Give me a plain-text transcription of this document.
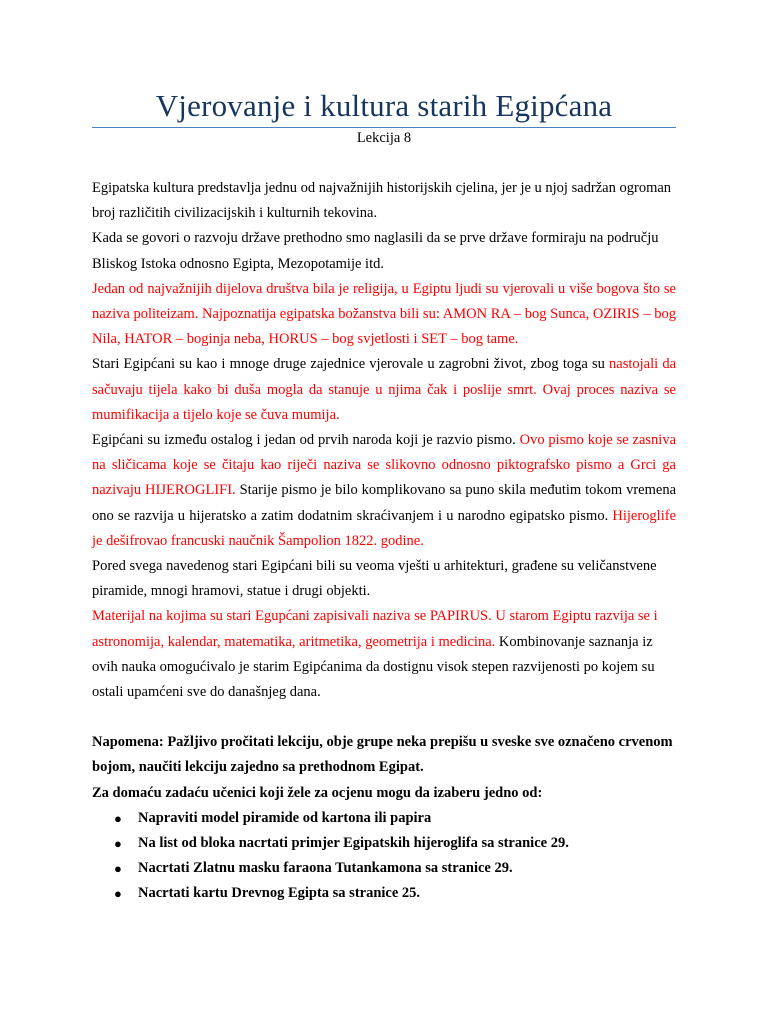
Vjerovanje i kultura starih Egipćana
Lekcija 8

Egipatska kultura predstavlja jednu od najvažnijih historijskih cjelina, jer je u njoj sadržan ogroman broj različitih civilizacijskih i kulturnih tekovina.

Kada se govori o razvoju države prethodno smo naglasili da se prve države formiraju na području Bliskog Istoka odnosno Egipta, Mezopotamije itd.

Jedan od najvažnijih dijelova društva bila je religija, u Egiptu ljudi su vjerovali u više bogova što se naziva politeizam. Najpoznatija egipatska božanstva bili su: AMON RA – bog Sunca, OZIRIS – bog Nila, HATOR – boginja neba, HORUS – bog svjetlosti i SET – bog tame.

Stari Egipćani su kao i mnoge druge zajednice vjerovale u zagrobni život, zbog toga su nastojali da sačuvaju tijela kako bi duša mogla da stanuje u njima čak i poslije smrt. Ovaj proces naziva se mumifikacija a tijelo koje se čuva mumija.

Egipćani su između ostalog i jedan od prvih naroda koji je razvio pismo. Ovo pismo koje se zasniva na sličicama koje se čitaju kao riječi naziva se slikovno odnosno piktografsko pismo a Grci ga nazivaju HIJEROGLIFI. Starije pismo je bilo komplikovano sa puno skila međutim tokom vremena ono se razvija u hijeratsko a zatim dodatnim skraćivanjem i u narodno egipatsko pismo. Hijeroglife je dešifrovao francuski naučnik Šampolion 1822. godine.

Pored svega navedenog stari Egipćani bili su veoma vješti u arhitekturi, građene su veličanstvene piramide, mnogi hramovi, statue i drugi objekti.

Materijal na kojima su stari Egupćani zapisivali naziva se PAPIRUS. U starom Egiptu razvija se i astronomija, kalendar, matematika, aritmetika, geometrija i medicina. Kombinovanje saznanja iz ovih nauka omogućivalo je starim Egipćanima da dostignu visok stepen razvijenosti po kojem su ostali upamćeni sve do današnjeg dana.

Napomena: Pažljivo pročitati lekciju, obje grupe neka prepišu u sveske sve označeno crvenom bojom, naučiti lekciju zajedno sa prethodnom Egipat.

Za domaću zadaću učenici koji žele za ocjenu mogu da izaberu jedno od:

● Napraviti model piramide od kartona ili papira
● Na list od bloka nacrtati primjer Egipatskih hijeroglifa sa stranice 29.
● Nacrtati Zlatnu masku faraona Tutankamona sa stranice 29.
● Nacrtati kartu Drevnog Egipta sa stranice 25.
